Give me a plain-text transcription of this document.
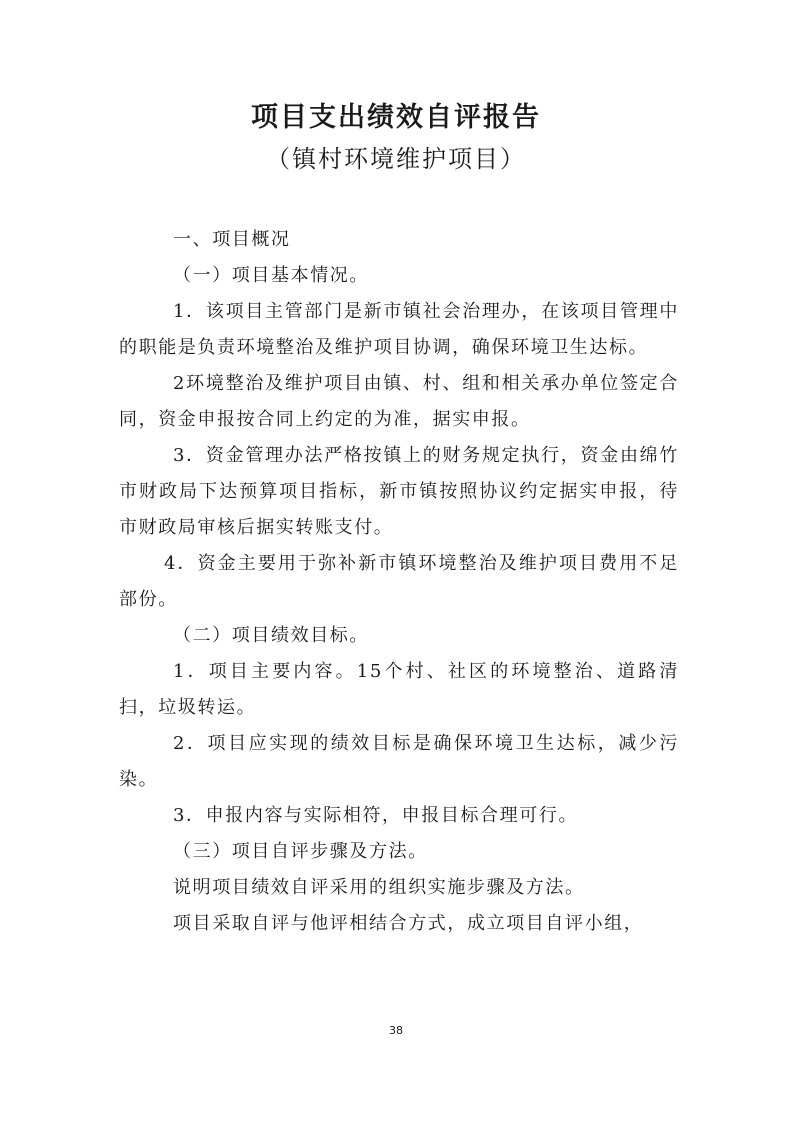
项目支出绩效自评报告
（镇村环境维护项目）

一、项目概况

（一）项目基本情况。

1．该项目主管部门是新市镇社会治理办，在该项目管理中的职能是负责环境整治及维护项目协调，确保环境卫生达标。

2环境整治及维护项目由镇、村、组和相关承办单位签定合同，资金申报按合同上约定的为准，据实申报。

3．资金管理办法严格按镇上的财务规定执行，资金由绵竹市财政局下达预算项目指标，新市镇按照协议约定据实申报，待市财政局审核后据实转账支付。

4．资金主要用于弥补新市镇环境整治及维护项目费用不足部份。

（二）项目绩效目标。

1．项目主要内容。15个村、社区的环境整治、道路清扫，垃圾转运。

2．项目应实现的绩效目标是确保环境卫生达标，减少污染。

3．申报内容与实际相符，申报目标合理可行。

（三）项目自评步骤及方法。

说明项目绩效自评采用的组织实施步骤及方法。

项目采取自评与他评相结合方式，成立项目自评小组，

38
